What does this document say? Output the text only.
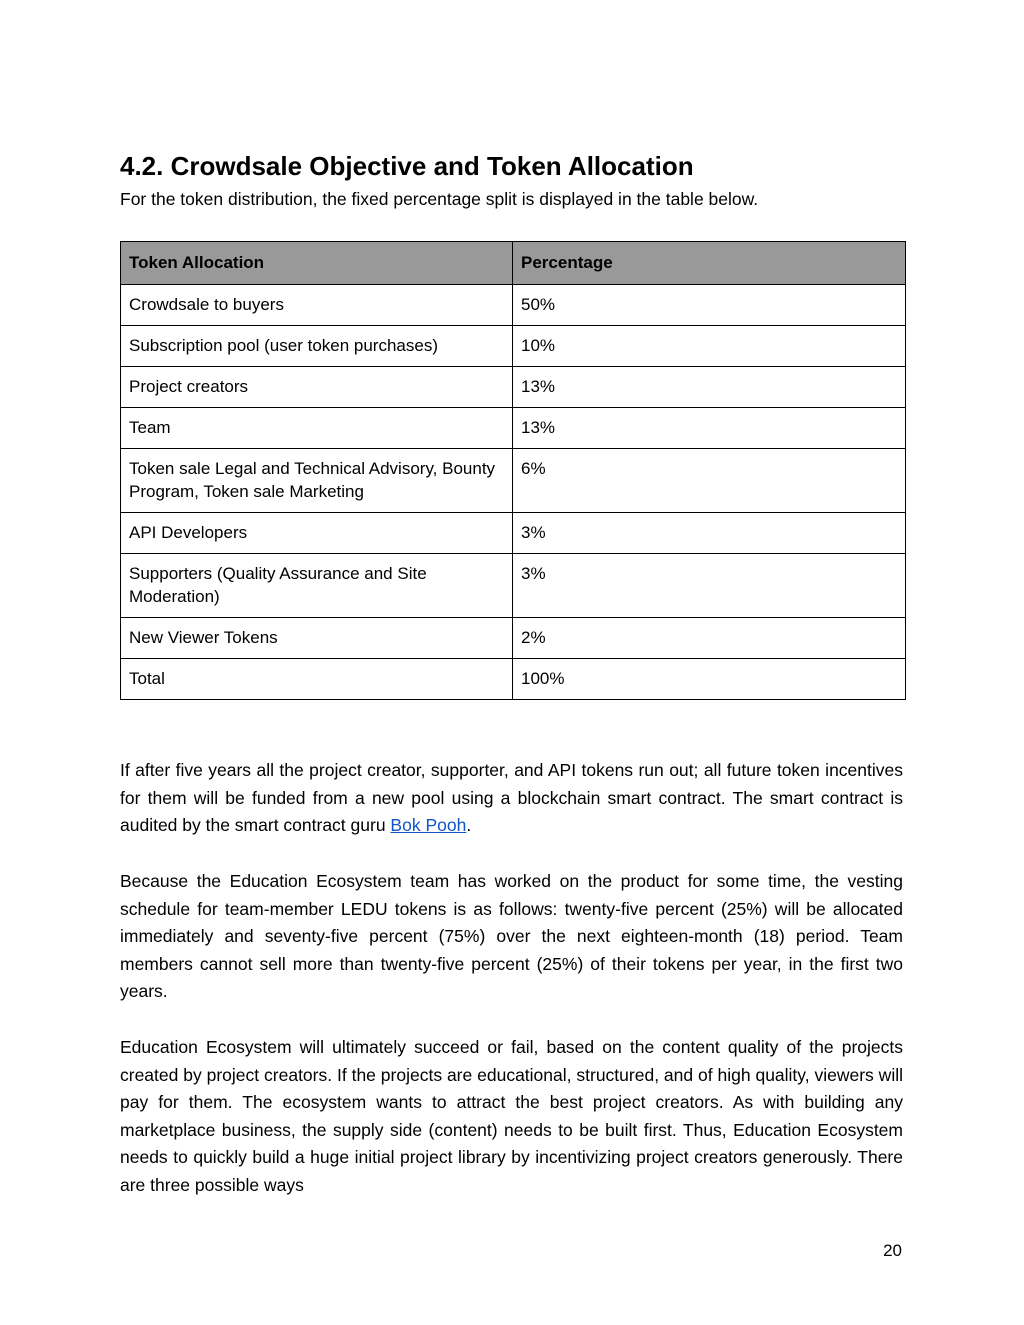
4.2. Crowdsale Objective and Token Allocation

For the token distribution, the fixed percentage split is displayed in the table below.

Token Allocation	Percentage
Crowdsale to buyers	50%
Subscription pool (user token purchases)	10%
Project creators	13%
Team	13%
Token sale Legal and Technical Advisory, Bounty Program, Token sale Marketing	6%
API Developers	3%
Supporters (Quality Assurance and Site Moderation)	3%
New Viewer Tokens	2%
Total	100%

If after five years all the project creator, supporter, and API tokens run out; all future token incentives for them will be funded from a new pool using a blockchain smart contract. The smart contract is audited by the smart contract guru Bok Pooh.

Because the Education Ecosystem team has worked on the product for some time, the vesting schedule for team-member LEDU tokens is as follows: twenty-five percent (25%) will be allocated immediately and seventy-five percent (75%) over the next eighteen-month (18) period. Team members cannot sell more than twenty-five percent (25%) of their tokens per year, in the first two years.

Education Ecosystem will ultimately succeed or fail, based on the content quality of the projects created by project creators. If the projects are educational, structured, and of high quality, viewers will pay for them. The ecosystem wants to attract the best project creators. As with building any marketplace business, the supply side (content) needs to be built first. Thus, Education Ecosystem needs to quickly build a huge initial project library by incentivizing project creators generously. There are three possible ways

20
